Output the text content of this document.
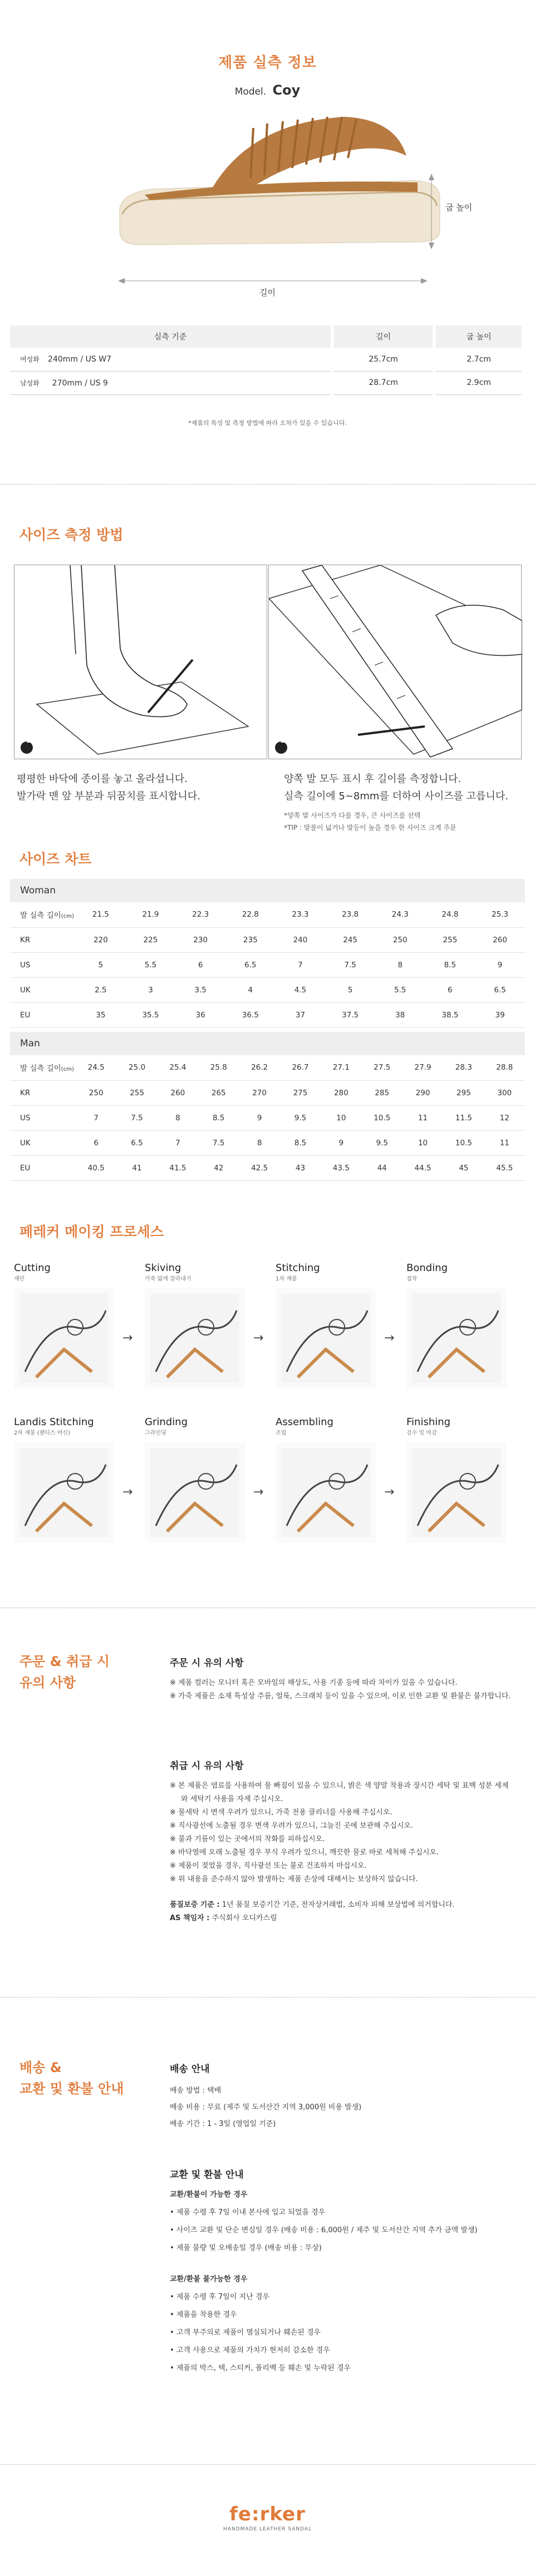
제품 실측 정보
Model. Coy
굽 높이
길이
실측 기준	길이	굽 높이
여성화 240mm / US W7	25.7cm	2.7cm
남성화 270mm / US 9	28.7cm	2.9cm
*제품의 특성 및 측정 방법에 따라 오차가 있을 수 있습니다.
사이즈 측정 방법
1	2
평평한 바닥에 종이를 놓고 올라섭니다.
발가락 맨 앞 부분과 뒤꿈치를 표시합니다.
양쪽 발 모두 표시 후 길이를 측정합니다.
실측 길이에 5~8mm를 더하여 사이즈를 고릅니다.
*양쪽 발 사이즈가 다를 경우, 큰 사이즈를 선택
*TIP : 발볼이 넓거나 발등이 높을 경우 한 사이즈 크게 주문
사이즈 차트
Woman										
발 실측 길이(cm)	21.5	21.9	22.3	22.8	23.3	23.8	24.3	24.8	25.3		
KR	220	225	230	235	240	245	250	255	260		
US	5	5.5	6	6.5	7	7.5	8	8.5	9		
UK	2.5	3	3.5	4	4.5	5	5.5	6	6.5		
EU	35	35.5	36	36.5	37	37.5	38	38.5	39		
Man											
발 실측 길이(cm)	24.5	25.0	25.4	25.8	26.2	26.7	27.1	27.5	27.9	28.3	28.8
KR	250	255	260	265	270	275	280	285	290	295	300
US	7	7.5	8	8.5	9	9.5	10	10.5	11	11.5	12
UK	6	6.5	7	7.5	8	8.5	9	9.5	10	10.5	11
EU	40.5	41	41.5	42	42.5	43	43.5	44	44.5	45	45.5
페레커 메이킹 프로세스
Cutting
재단
→
Skiving
가죽 얇게 잘라내기
→
Stitching
1차 재봉
→
Bonding
접착
Landis Stitching
2차 재봉 (랜디스 머신)
→
Grinding
그라인딩
→
Assembling
조립
→
Finishing
검수 및 마감
주문 & 취급 시
유의 사항
주문 시 유의 사항
※ 제품 컬러는 모니터 혹은 모바일의 해상도, 사용 기종 등에 따라 차이가 있을 수 있습니다.
※ 가죽 제품은 소재 특성상 주름, 얼룩, 스크래치 등이 있을 수 있으며, 이로 인한 교환 및 환불은 불가합니다.
취급 시 유의 사항
※ 본 제품은 염료를 사용하여 물 빠짐이 있을 수 있으니, 밝은 색 양말 착용과 장시간 세탁 및 표백 성분 세제와 세탁기 사용을 자제 주십시오.
※ 물세탁 시 변색 우려가 있으니, 가죽 전용 클리너를 사용해 주십시오.
※ 직사광선에 노출될 경우 변색 우려가 있으니, 그늘진 곳에 보관해 주십시오.
※ 불과 기름이 있는 곳에서의 착화를 피하십시오.
※ 바닥열에 오래 노출될 경우 부식 우려가 있으니, 깨끗한 물로 바로 세척해 주십시오.
※ 제품이 젖었을 경우, 직사광선 또는 불로 건조하지 마십시오.
※ 위 내용을 준수하지 않아 발생하는 제품 손상에 대해서는 보상하지 않습니다.
품질보증 기준 : 1년 품질 보증기간 기준, 전자상거래법, 소비자 피해 보상법에 의거합니다.
AS 책임자 : 주식회사 오디카스림
배송 &
교환 및 환불 안내
배송 안내
배송 방법 : 택배
배송 비용 : 무료 (제주 및 도서산간 지역 3,000원 비용 발생)
배송 기간 : 1 - 3일 (영업일 기준)
교환 및 환불 안내
교환/환불이 가능한 경우
• 제품 수령 후 7일 이내 본사에 입고 되었을 경우
• 사이즈 교환 및 단순 변심일 경우 (배송 비용 : 6,000원 / 제주 및 도서산간 지역 추가 금액 발생)
• 제품 불량 및 오배송일 경우 (배송 비용 : 무상)
교환/환불 불가능한 경우
• 제품 수령 후 7일이 지난 경우
• 제품을 착용한 경우
• 고객 부주의로 제품이 멸실되거나 훼손된 경우
• 고객 사용으로 제품의 가치가 현저히 감소한 경우
• 제품의 박스, 택, 스티커, 폴리백 등 훼손 및 누락된 경우
fe:rker
HANDMADE LEATHER SANDAL
